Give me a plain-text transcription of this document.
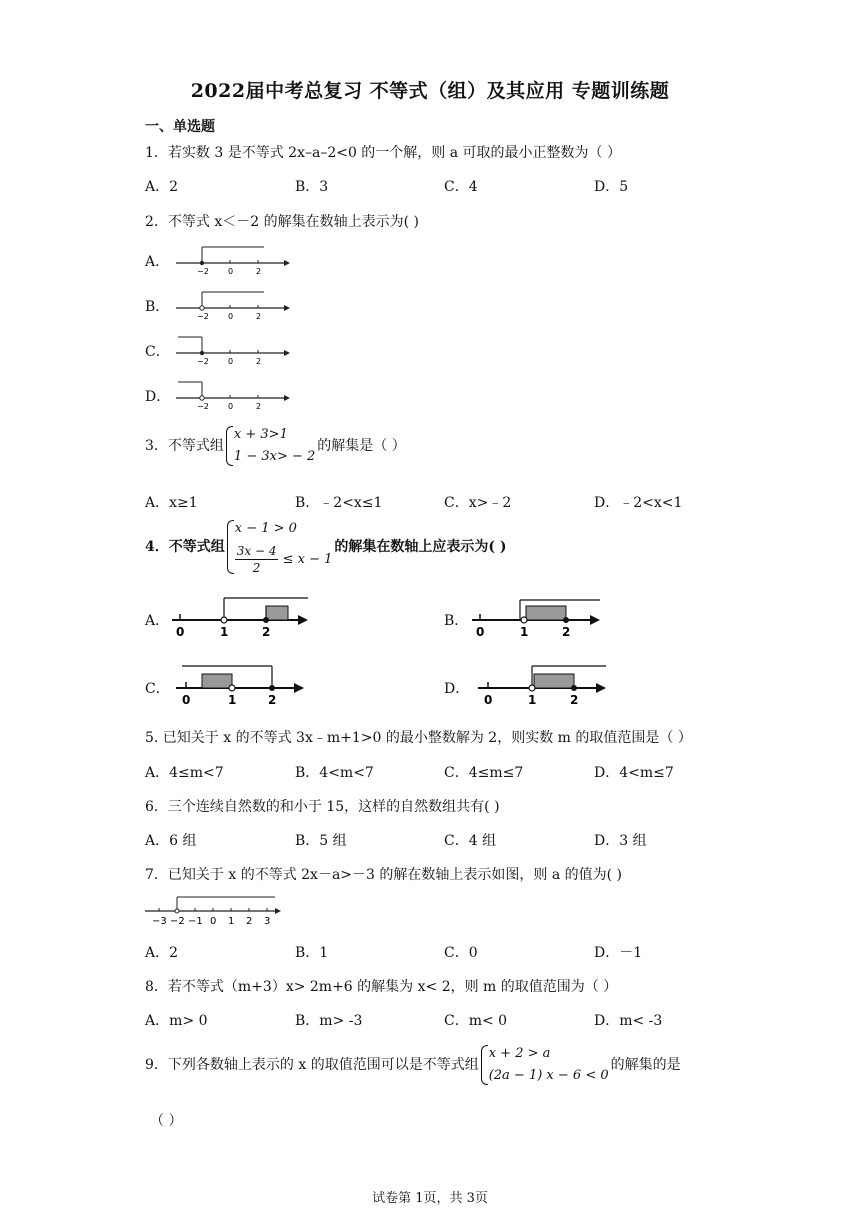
2022届中考总复习 不等式（组）及其应用 专题训练题
一、单选题
1．若实数 3 是不等式 2x–a–2<0 的一个解，则 a 可取的最小正整数为（ ）
A．2	B．3	C．4	D．5
2．不等式 x＜－2 的解集在数轴上表示为( )
A．
−2 0	2
B．
−2 0	2
C．
−2 0	2
D．
−2 0	2
3．不等式组
x + 3>1
1 − 3x> − 2
的解集是（ ）
A．x≥1	B．﹣2<x≤1	C．x>﹣2	D．﹣2<x<1
4．不等式组
x − 1 > 0
$\frac{3x - 4}{2} \le x - 1$
的解集在数轴上应表示为( )
A．
0	1	2
B．
0	1	2
C．
0	1	2
D．
0	1	2
5. 已知关于 x 的不等式 3x﹣m+1>0 的最小整数解为 2，则实数 m 的取值范围是（ ）
A．4≤m<7	B．4<m<7	C．4≤m≤7	D．4<m≤7
6．三个连续自然数的和小于 15，这样的自然数组共有( )
A．6 组	B．5 组	C．4 组	D．3 组
7．已知关于 x 的不等式 2x－a>－3 的解在数轴上表示如图，则 a 的值为( )
−3 −2 −1 0 1 2 3
A．2	B．1	C．0	D．－1
8．若不等式（m+3）x> 2m+6 的解集为 x< 2，则 m 的取值范围为（ ）
A．m> 0	B．m> -3	C．m< 0	D．m< -3
9．下列各数轴上表示的 x 的取值范围可以是不等式组
x + 2 > a
(2a − 1) x − 6 < 0
的解集的是
（ ）
试卷第 1页，共 3页
